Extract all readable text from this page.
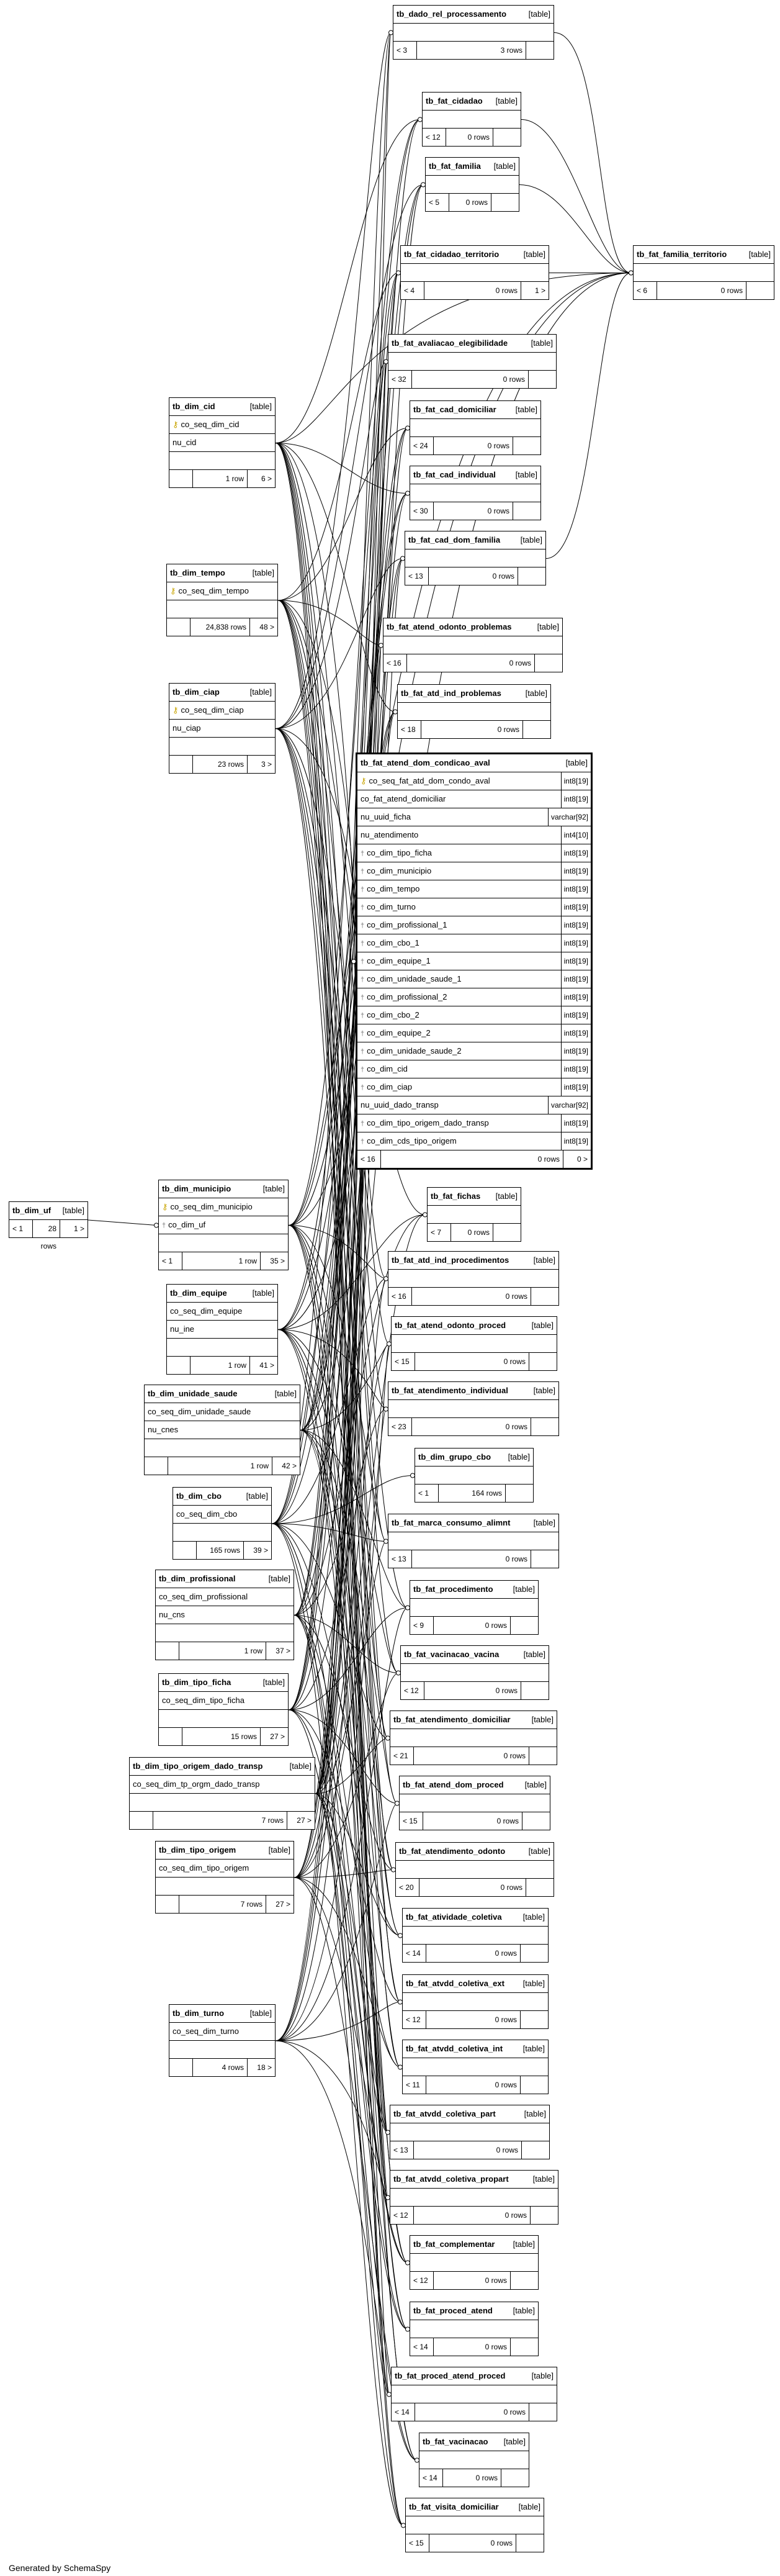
tb_dado_rel_processamento	[table]
< 3	3 rows
tb_fat_cidadao	[table]
< 12	0 rows
tb_fat_familia	[table]
< 5	0 rows
tb_fat_cidadao_territorio	[table]
< 4	0 rows	1 >
tb_fat_familia_territorio	[table]
< 6	0 rows
tb_fat_avaliacao_elegibilidade	[table]
< 32	0 rows
tb_dim_cid	[table]
⚷ co_seq_dim_cid
nu_cid
1 row	6 >
tb_fat_cad_domiciliar	[table]
< 24	0 rows
tb_fat_cad_individual	[table]
< 30	0 rows
tb_fat_cad_dom_familia	[table]
< 13	0 rows
tb_dim_tempo	[table]
⚷ co_seq_dim_tempo
24,838 rows	48 >	tb_fat_atend_odonto_problemas	[table]
< 16	0 rows
tb_fat_atd_ind_problemas	[table]
< 18	0 rows
tb_dim_ciap	[table]
⚷ co_seq_dim_ciap
nu_ciap
23 rows	3 >	tb_fat_atend_dom_condicao_aval	[table]
⚷ co_seq_fat_atd_dom_condo_aval	int8[19]
co_fat_atend_domiciliar	int8[19]
nu_uuid_ficha	varchar[92]
nu_atendimento	int4[10]
† co_dim_tipo_ficha	int8[19]
† co_dim_municipio	int8[19]
† co_dim_tempo	int8[19]
† co_dim_turno	int8[19]
† co_dim_profissional_1	int8[19]
† co_dim_cbo_1	int8[19]
† co_dim_equipe_1	int8[19]
† co_dim_unidade_saude_1	int8[19]
† co_dim_profissional_2	int8[19]
† co_dim_cbo_2	int8[19]
† co_dim_equipe_2	int8[19]
† co_dim_unidade_saude_2	int8[19]
† co_dim_cid	int8[19]
† co_dim_ciap	int8[19]
nu_uuid_dado_transp	varchar[92]
† co_dim_tipo_origem_dado_transp	int8[19]
† co_dim_cds_tipo_origem	int8[19]
< 16	0 rows	0 >
tb_dim_uf	[table]
< 1	28 rows
1 >
tb_dim_municipio	[table]
⚷ co_seq_dim_municipio
† co_dim_uf
< 1	1 row	35 >
tb_fat_fichas	[table]
< 7	0 rows
tb_fat_atd_ind_procedimentos	[table]
< 16	0 rows
tb_dim_equipe	[table]
co_seq_dim_equipe
nu_ine
1 row	41 >
tb_fat_atend_odonto_proced	[table]
< 15	0 rows
tb_dim_unidade_saude	[table]
co_seq_dim_unidade_saude
nu_cnes
1 row	42 >
tb_fat_atendimento_individual	[table]
< 23	0 rows
tb_dim_grupo_cbo	[table]
< 1	164 rows
tb_dim_cbo	[table]
co_seq_dim_cbo
165 rows	39 >
tb_fat_marca_consumo_alimnt	[table]
< 13	0 rows
tb_dim_profissional	[table]
co_seq_dim_profissional
nu_cns
1 row	37 >
tb_fat_procedimento	[table]
< 9	0 rows
tb_fat_vacinacao_vacina	[table]
< 12	0 rows
tb_dim_tipo_ficha	[table]
co_seq_dim_tipo_ficha
15 rows	27 >
tb_fat_atendimento_domiciliar	[table]
< 21	0 rows
tb_dim_tipo_origem_dado_transp	[table]
co_seq_dim_tp_orgm_dado_transp
7 rows	27 >
tb_fat_atend_dom_proced	[table]
< 15	0 rows
tb_dim_tipo_origem	[table]
co_seq_dim_tipo_origem
7 rows	27 >
tb_fat_atendimento_odonto	[table]
< 20	0 rows
tb_fat_atividade_coletiva	[table]
< 14	0 rows
tb_dim_turno	[table]
co_seq_dim_turno
4 rows	18 >
tb_fat_atvdd_coletiva_ext	[table]
< 12	0 rows
tb_fat_atvdd_coletiva_int	[table]
< 11	0 rows
tb_fat_atvdd_coletiva_part	[table]
< 13	0 rows
tb_fat_atvdd_coletiva_propart	[table]
< 12	0 rows
tb_fat_complementar	[table]
< 12	0 rows
tb_fat_proced_atend	[table]
< 14	0 rows
tb_fat_proced_atend_proced	[table]
< 14	0 rows
tb_fat_vacinacao	[table]
< 14	0 rows
tb_fat_visita_domiciliar	[table]
< 15	0 rows
Generated by SchemaSpy
